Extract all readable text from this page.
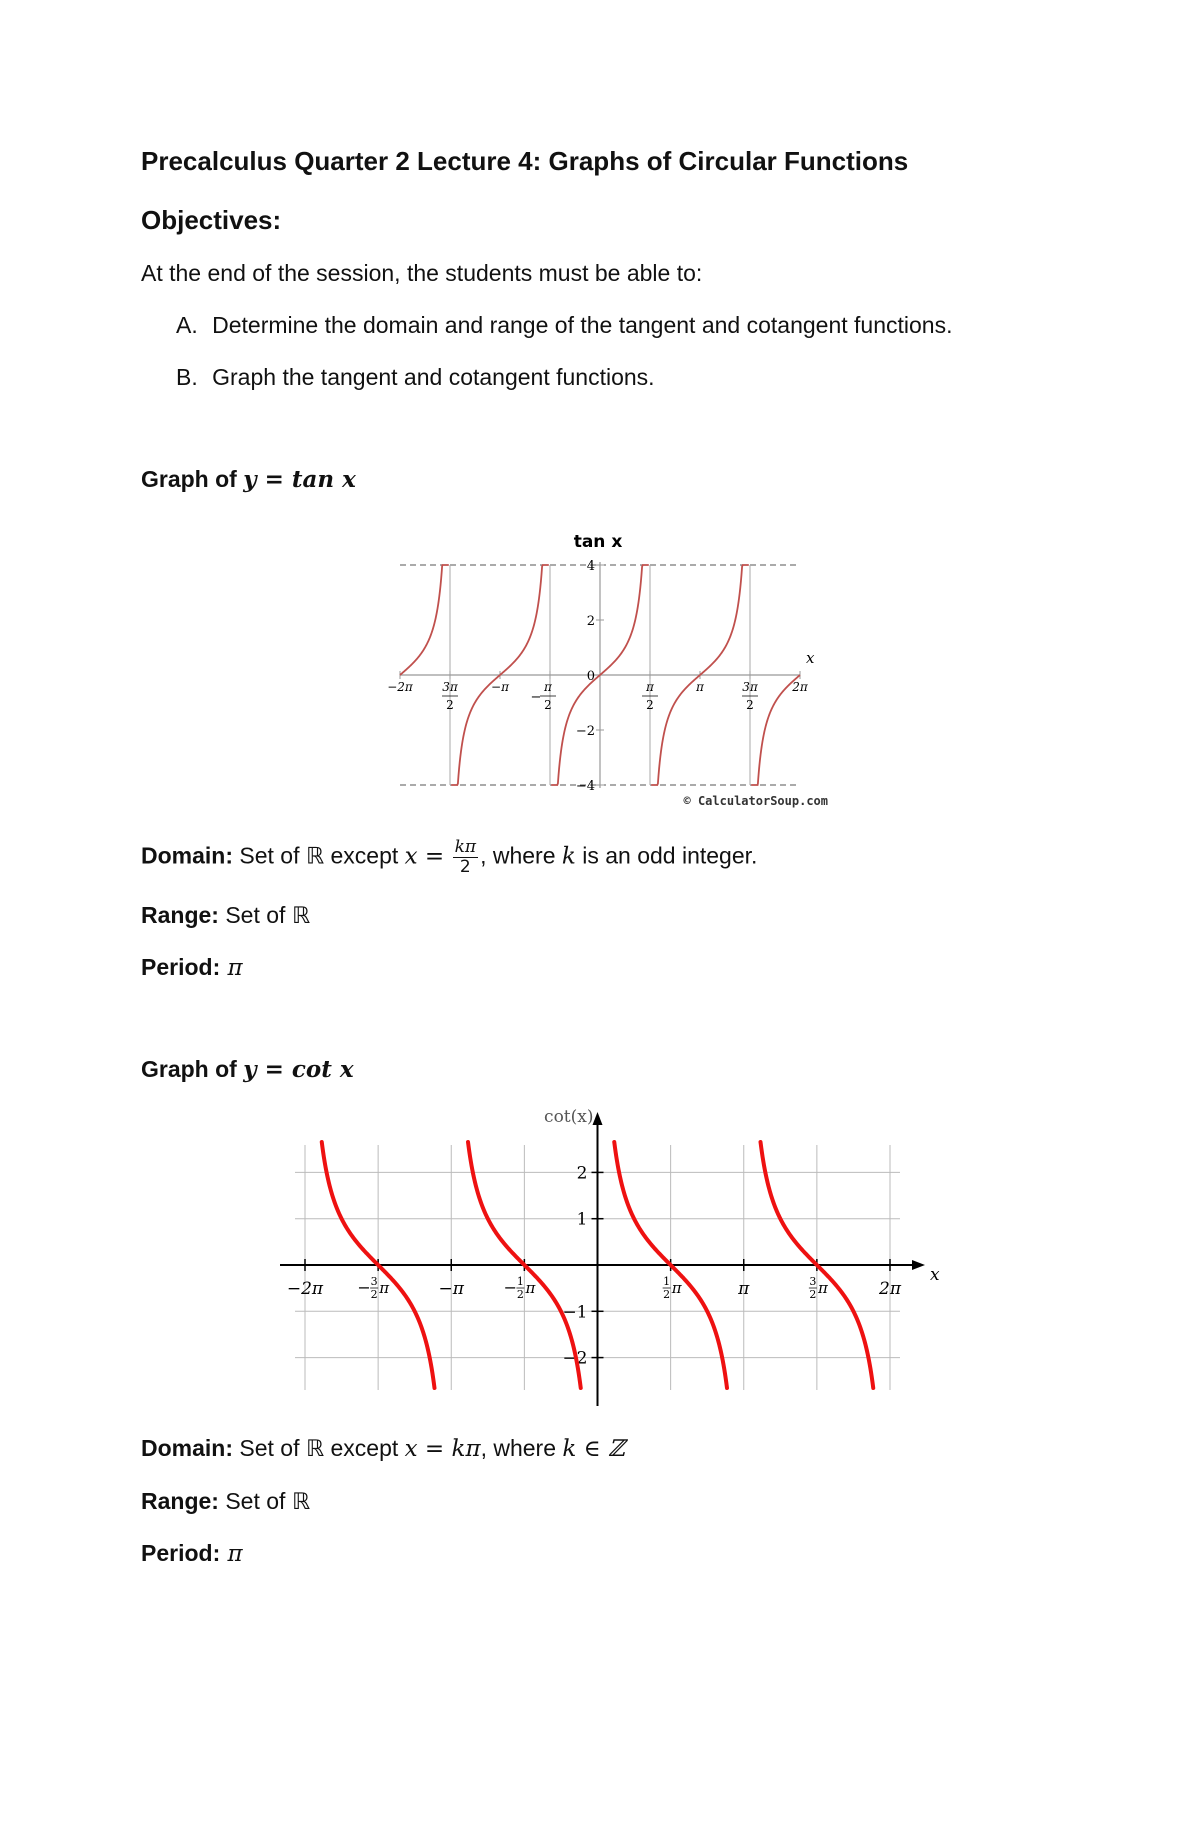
Precalculus Quarter 2 Lecture 4: Graphs of Circular Functions
Objectives:
At the end of the session, the students must be able to:
A. Determine the domain and range of the tangent and cotangent functions.
B. Graph the tangent and cotangent functions.
Graph of y = tan x
tan x
x
4
2
0
−2
−4
−2π 3π
2
−π
−
π
2
π
2
π	3π
2
2π
© CalculatorSoup.com
Domain: Set of ℝ except $x = \frac{k\pi}{2}$ , where k is an odd integer.
Range: Set of ℝ
Period: π
Graph of y = cot x
x
cot(x)
2
1
−1
−2
−2π − 3
2 π	−π − 1
2 π	1
2 π	π	3
2 π	2π
Domain: Set of ℝ except x = kπ, where k ∈ ℤ
Range: Set of ℝ
Period: π
